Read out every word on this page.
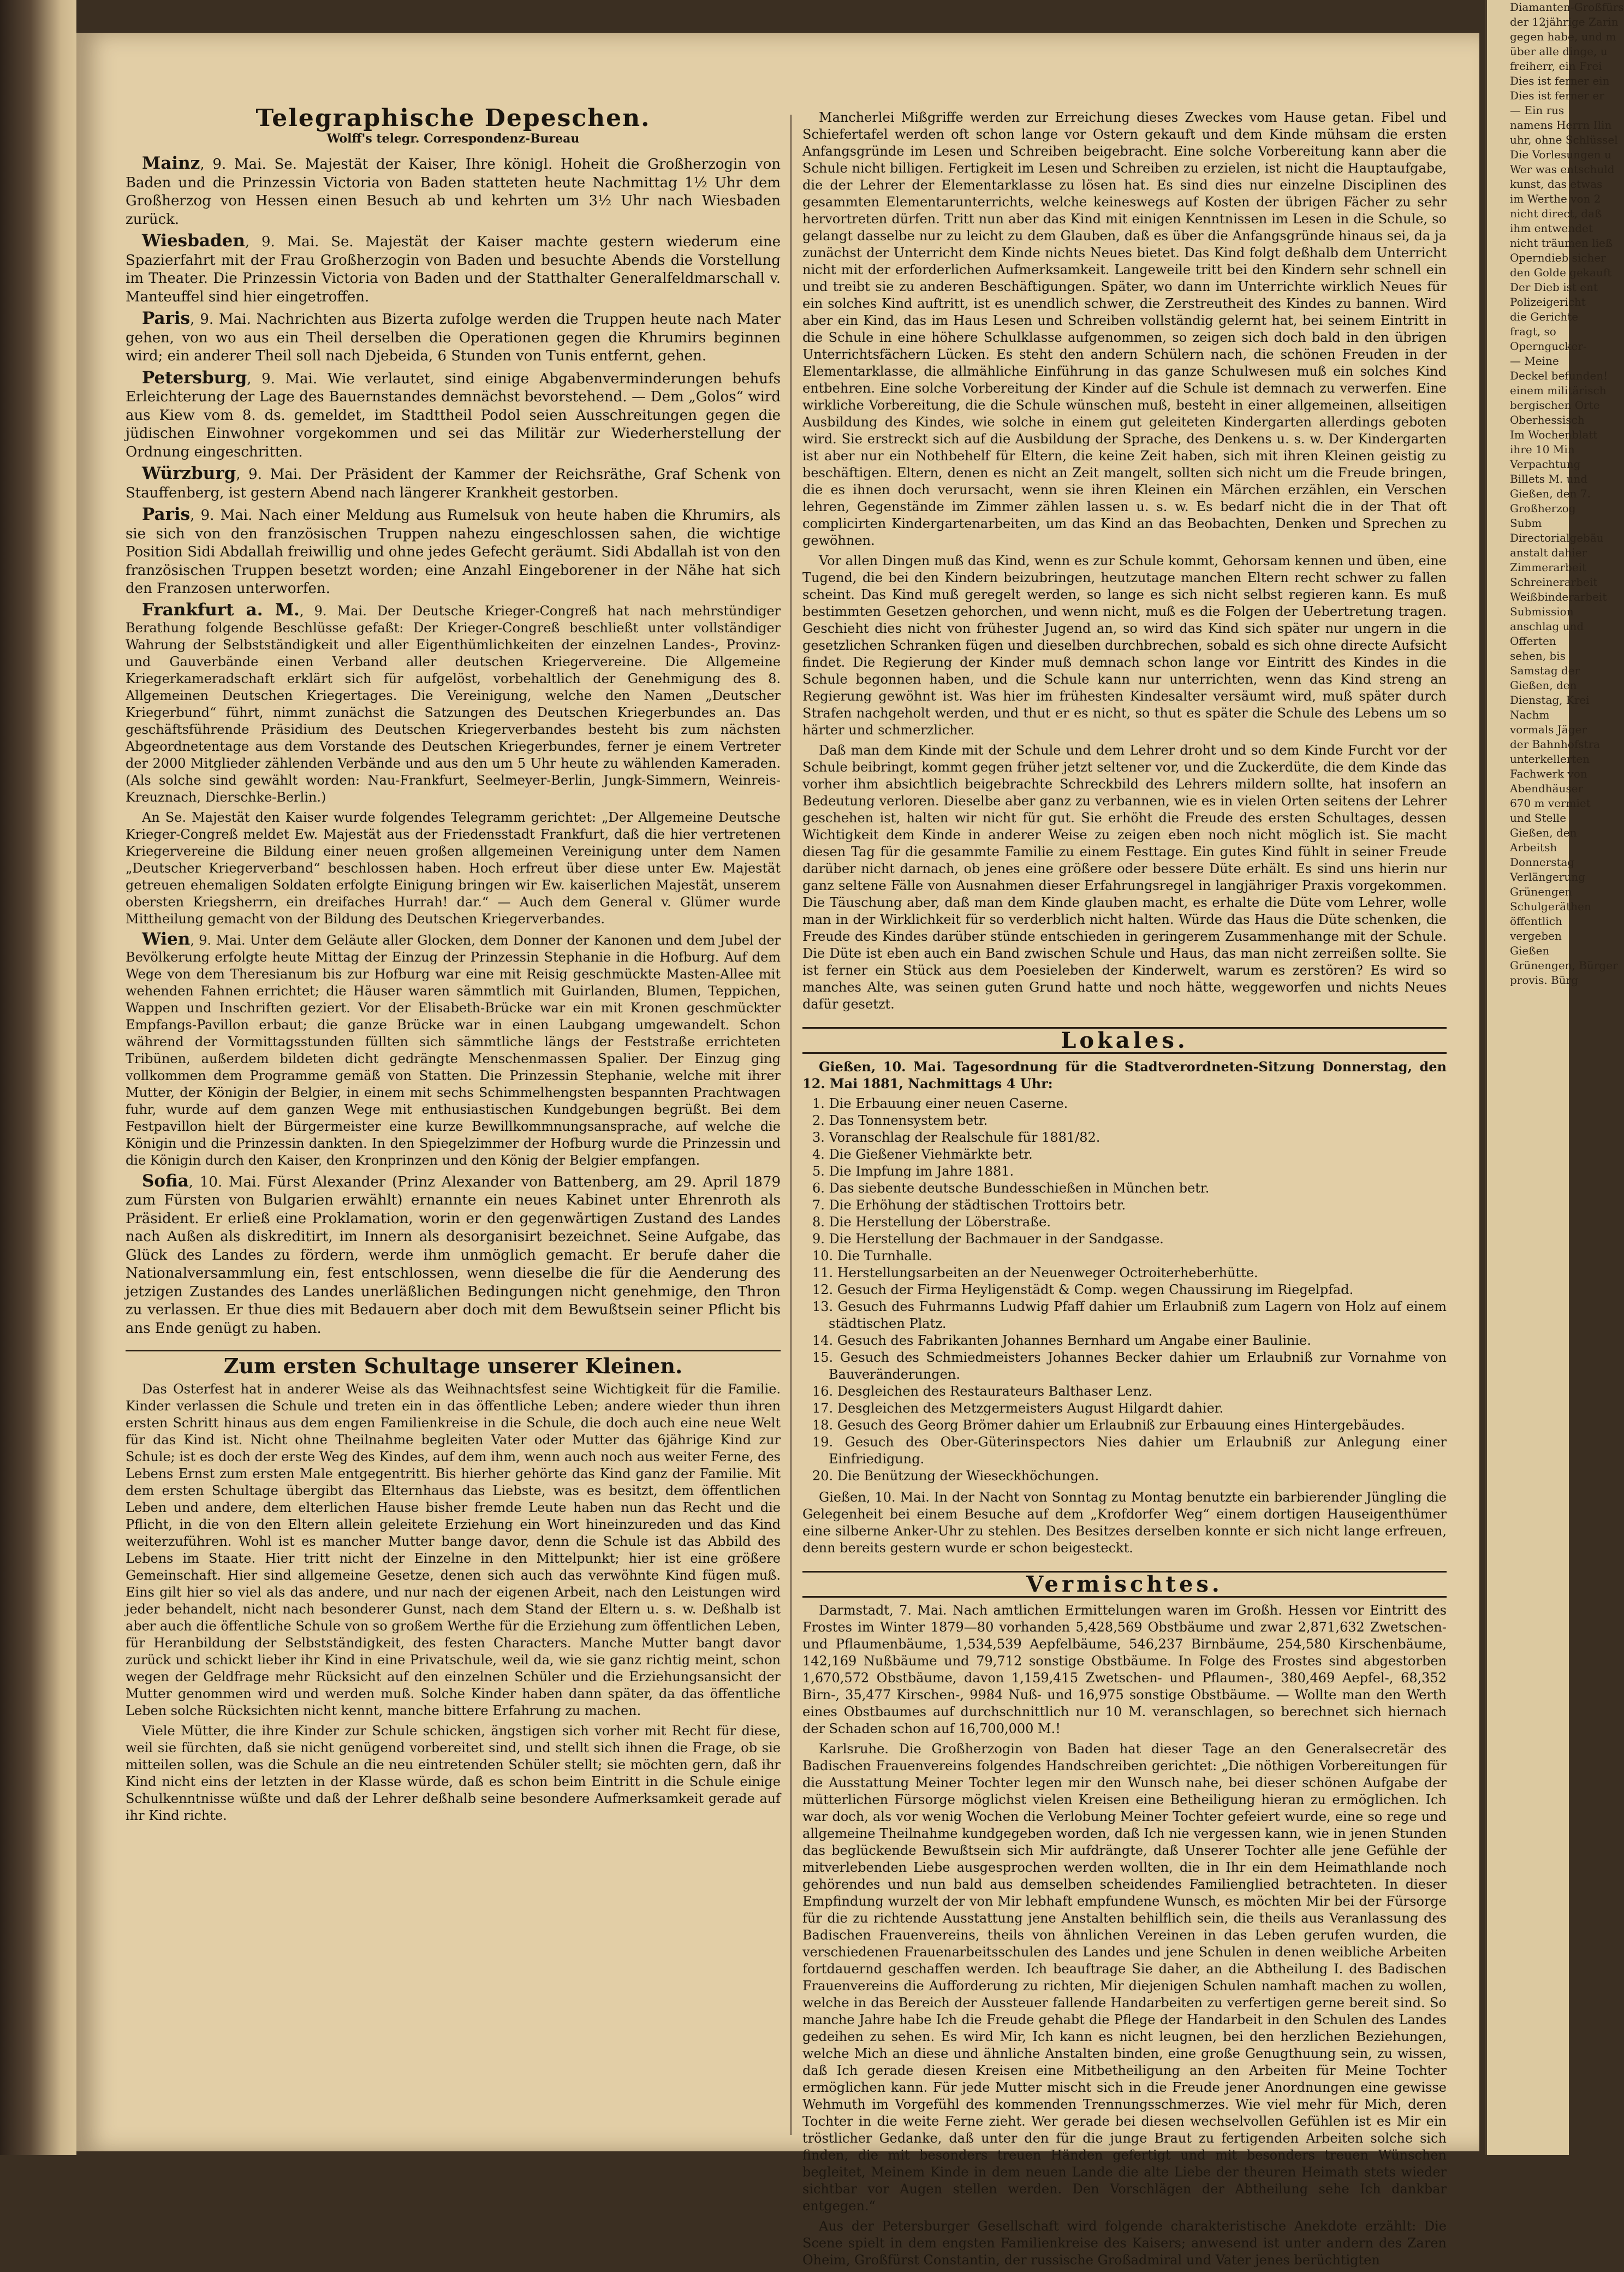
Telegraphische Depeschen.
Wolff's telegr. Correspondenz-Bureau

Mainz, 9. Mai. Se. Majestät der Kaiser, Ihre königl. Hoheit die Großherzogin von Baden und die Prinzessin Victoria von Baden statteten heute Nachmittag 1½ Uhr dem Großherzog von Hessen einen Besuch ab und kehrten um 3½ Uhr nach Wiesbaden zurück.

Wiesbaden, 9. Mai. Se. Majestät der Kaiser machte gestern wiederum eine Spazierfahrt mit der Frau Großherzogin von Baden und besuchte Abends die Vorstellung im Theater. Die Prinzessin Victoria von Baden und der Statthalter Generalfeldmarschall v. Manteuffel sind hier eingetroffen.

Paris, 9. Mai. Nachrichten aus Bizerta zufolge werden die Truppen heute nach Mater gehen, von wo aus ein Theil derselben die Operationen gegen die Khrumirs beginnen wird; ein anderer Theil soll nach Djebeida, 6 Stunden von Tunis entfernt, gehen.

Petersburg, 9. Mai. Wie verlautet, sind einige Abgabenverminderungen behufs Erleichterung der Lage des Bauernstandes demnächst bevorstehend. — Dem „Golos“ wird aus Kiew vom 8. ds. gemeldet, im Stadttheil Podol seien Ausschreitungen gegen die jüdischen Einwohner vorgekommen und sei das Militär zur Wiederherstellung der Ordnung eingeschritten.

Würzburg, 9. Mai. Der Präsident der Kammer der Reichsräthe, Graf Schenk von Stauffenberg, ist gestern Abend nach längerer Krankheit gestorben.

Paris, 9. Mai. Nach einer Meldung aus Rumelsuk von heute haben die Khrumirs, als sie sich von den französischen Truppen nahezu eingeschlossen sahen, die wichtige Position Sidi Abdallah freiwillig und ohne jedes Gefecht geräumt. Sidi Abdallah ist von den französischen Truppen besetzt worden; eine Anzahl Eingeborener in der Nähe hat sich den Franzosen unterworfen.

Frankfurt a. M., 9. Mai. Der Deutsche Krieger-Congreß hat nach mehrstündiger Berathung folgende Beschlüsse gefaßt: Der Krieger-Congreß beschließt unter vollständiger Wahrung der Selbstständigkeit und aller Eigenthümlichkeiten der einzelnen Landes-, Provinz- und Gauverbände einen Verband aller deutschen Kriegervereine. Die Allgemeine Kriegerkameradschaft erklärt sich für aufgelöst, vorbehaltlich der Genehmigung des 8. Allgemeinen Deutschen Kriegertages. Die Vereinigung, welche den Namen „Deutscher Kriegerbund“ führt, nimmt zunächst die Satzungen des Deutschen Kriegerbundes an. Das geschäftsführende Präsidium des Deutschen Kriegerverbandes besteht bis zum nächsten Abgeordnetentage aus dem Vorstande des Deutschen Kriegerbundes, ferner je einem Vertreter der 2000 Mitglieder zählenden Verbände und aus den um 5 Uhr heute zu wählenden Kameraden. (Als solche sind gewählt worden: Nau-Frankfurt, Seelmeyer-Berlin, Jungk-Simmern, Weinreis-Kreuznach, Dierschke-Berlin.)

An Se. Majestät den Kaiser wurde folgendes Telegramm gerichtet: „Der Allgemeine Deutsche Krieger-Congreß meldet Ew. Majestät aus der Friedensstadt Frankfurt, daß die hier vertretenen Kriegervereine die Bildung einer neuen großen allgemeinen Vereinigung unter dem Namen „Deutscher Kriegerverband“ beschlossen haben. Hoch erfreut über diese unter Ew. Majestät getreuen ehemaligen Soldaten erfolgte Einigung bringen wir Ew. kaiserlichen Majestät, unserem obersten Kriegsherrn, ein dreifaches Hurrah! dar.“ — Auch dem General v. Glümer wurde Mittheilung gemacht von der Bildung des Deutschen Kriegerverbandes.

Wien, 9. Mai. Unter dem Geläute aller Glocken, dem Donner der Kanonen und dem Jubel der Bevölkerung erfolgte heute Mittag der Einzug der Prinzessin Stephanie in die Hofburg. Auf dem Wege von dem Theresianum bis zur Hofburg war eine mit Reisig geschmückte Masten-Allee mit wehenden Fahnen errichtet; die Häuser waren sämmtlich mit Guirlanden, Blumen, Teppichen, Wappen und Inschriften geziert. Vor der Elisabeth-Brücke war ein mit Kronen geschmückter Empfangs-Pavillon erbaut; die ganze Brücke war in einen Laubgang umgewandelt. Schon während der Vormittagsstunden füllten sich sämmtliche längs der Feststraße errichteten Tribünen, außerdem bildeten dicht gedrängte Menschenmassen Spalier. Der Einzug ging vollkommen dem Programme gemäß von Statten. Die Prinzessin Stephanie, welche mit ihrer Mutter, der Königin der Belgier, in einem mit sechs Schimmelhengsten bespannten Prachtwagen fuhr, wurde auf dem ganzen Wege mit enthusiastischen Kundgebungen begrüßt. Bei dem Festpavillon hielt der Bürgermeister eine kurze Bewillkommnungsansprache, auf welche die Königin und die Prinzessin dankten. In den Spiegelzimmer der Hofburg wurde die Prinzessin und die Königin durch den Kaiser, den Kronprinzen und den König der Belgier empfangen.

Sofia, 10. Mai. Fürst Alexander (Prinz Alexander von Battenberg, am 29. April 1879 zum Fürsten von Bulgarien erwählt) ernannte ein neues Kabinet unter Ehrenroth als Präsident. Er erließ eine Proklamation, worin er den gegenwärtigen Zustand des Landes nach Außen als diskreditirt, im Innern als desorganisirt bezeichnet. Seine Aufgabe, das Glück des Landes zu fördern, werde ihm unmöglich gemacht. Er berufe daher die Nationalversammlung ein, fest entschlossen, wenn dieselbe die für die Aenderung des jetzigen Zustandes des Landes unerläßlichen Bedingungen nicht genehmige, den Thron zu verlassen. Er thue dies mit Bedauern aber doch mit dem Bewußtsein seiner Pflicht bis ans Ende genügt zu haben.

Zum ersten Schultage unserer Kleinen.

Das Osterfest hat in anderer Weise als das Weihnachtsfest seine Wichtigkeit für die Familie. Kinder verlassen die Schule und treten ein in das öffentliche Leben; andere wieder thun ihren ersten Schritt hinaus aus dem engen Familienkreise in die Schule, die doch auch eine neue Welt für das Kind ist. Nicht ohne Theilnahme begleiten Vater oder Mutter das 6jährige Kind zur Schule; ist es doch der erste Weg des Kindes, auf dem ihm, wenn auch noch aus weiter Ferne, des Lebens Ernst zum ersten Male entgegentritt. Bis hierher gehörte das Kind ganz der Familie. Mit dem ersten Schultage übergibt das Elternhaus das Liebste, was es besitzt, dem öffentlichen Leben und andere, dem elterlichen Hause bisher fremde Leute haben nun das Recht und die Pflicht, in die von den Eltern allein geleitete Erziehung ein Wort hineinzureden und das Kind weiterzuführen. Wohl ist es mancher Mutter bange davor, denn die Schule ist das Abbild des Lebens im Staate. Hier tritt nicht der Einzelne in den Mittelpunkt; hier ist eine größere Gemeinschaft. Hier sind allgemeine Gesetze, denen sich auch das verwöhnte Kind fügen muß. Eins gilt hier so viel als das andere, und nur nach der eigenen Arbeit, nach den Leistungen wird jeder behandelt, nicht nach besonderer Gunst, nach dem Stand der Eltern u. s. w. Deßhalb ist aber auch die öffentliche Schule von so großem Werthe für die Erziehung zum öffentlichen Leben, für Heranbildung der Selbstständigkeit, des festen Characters. Manche Mutter bangt davor zurück und schickt lieber ihr Kind in eine Privatschule, weil da, wie sie ganz richtig meint, schon wegen der Geldfrage mehr Rücksicht auf den einzelnen Schüler und die Erziehungsansicht der Mutter genommen wird und werden muß. Solche Kinder haben dann später, da das öffentliche Leben solche Rücksichten nicht kennt, manche bittere Erfahrung zu machen.

Viele Mütter, die ihre Kinder zur Schule schicken, ängstigen sich vorher mit Recht für diese, weil sie fürchten, daß sie nicht genügend vorbereitet sind, und stellt sich ihnen die Frage, ob sie mitteilen sollen, was die Schule an die neu eintretenden Schüler stellt; sie möchten gern, daß ihr Kind nicht eins der letzten in der Klasse würde, daß es schon beim Eintritt in die Schule einige Schulkenntnisse wüßte und daß der Lehrer deßhalb seine besondere Aufmerksamkeit gerade auf ihr Kind richte.

Mancherlei Mißgriffe werden zur Erreichung dieses Zweckes vom Hause getan. Fibel und Schiefertafel werden oft schon lange vor Ostern gekauft und dem Kinde mühsam die ersten Anfangsgründe im Lesen und Schreiben beigebracht. Eine solche Vorbereitung kann aber die Schule nicht billigen. Fertigkeit im Lesen und Schreiben zu erzielen, ist nicht die Hauptaufgabe, die der Lehrer der Elementarklasse zu lösen hat. Es sind dies nur einzelne Disciplinen des gesammten Elementarunterrichts, welche keineswegs auf Kosten der übrigen Fächer zu sehr hervortreten dürfen. Tritt nun aber das Kind mit einigen Kenntnissen im Lesen in die Schule, so gelangt dasselbe nur zu leicht zu dem Glauben, daß es über die Anfangsgründe hinaus sei, da ja zunächst der Unterricht dem Kinde nichts Neues bietet. Das Kind folgt deßhalb dem Unterricht nicht mit der erforderlichen Aufmerksamkeit. Langeweile tritt bei den Kindern sehr schnell ein und treibt sie zu anderen Beschäftigungen. Später, wo dann im Unterrichte wirklich Neues für ein solches Kind auftritt, ist es unendlich schwer, die Zerstreutheit des Kindes zu bannen. Wird aber ein Kind, das im Haus Lesen und Schreiben vollständig gelernt hat, bei seinem Eintritt in die Schule in eine höhere Schulklasse aufgenommen, so zeigen sich doch bald in den übrigen Unterrichtsfächern Lücken. Es steht den andern Schülern nach, die schönen Freuden in der Elementarklasse, die allmähliche Einführung in das ganze Schulwesen muß ein solches Kind entbehren. Eine solche Vorbereitung der Kinder auf die Schule ist demnach zu verwerfen. Eine wirkliche Vorbereitung, die die Schule wünschen muß, besteht in einer allgemeinen, allseitigen Ausbildung des Kindes, wie solche in einem gut geleiteten Kindergarten allerdings geboten wird. Sie erstreckt sich auf die Ausbildung der Sprache, des Denkens u. s. w. Der Kindergarten ist aber nur ein Nothbehelf für Eltern, die keine Zeit haben, sich mit ihren Kleinen geistig zu beschäftigen. Eltern, denen es nicht an Zeit mangelt, sollten sich nicht um die Freude bringen, die es ihnen doch verursacht, wenn sie ihren Kleinen ein Märchen erzählen, ein Verschen lehren, Gegenstände im Zimmer zählen lassen u. s. w. Es bedarf nicht die in der That oft complicirten Kindergartenarbeiten, um das Kind an das Beobachten, Denken und Sprechen zu gewöhnen.

Vor allen Dingen muß das Kind, wenn es zur Schule kommt, Gehorsam kennen und üben, eine Tugend, die bei den Kindern beizubringen, heutzutage manchen Eltern recht schwer zu fallen scheint. Das Kind muß geregelt werden, so lange es sich nicht selbst regieren kann. Es muß bestimmten Gesetzen gehorchen, und wenn nicht, muß es die Folgen der Uebertretung tragen. Geschieht dies nicht von frühester Jugend an, so wird das Kind sich später nur ungern in die gesetzlichen Schranken fügen und dieselben durchbrechen, sobald es sich ohne directe Aufsicht findet. Die Regierung der Kinder muß demnach schon lange vor Eintritt des Kindes in die Schule begonnen haben, und die Schule kann nur unterrichten, wenn das Kind streng an Regierung gewöhnt ist. Was hier im frühesten Kindesalter versäumt wird, muß später durch Strafen nachgeholt werden, und thut er es nicht, so thut es später die Schule des Lebens um so härter und schmerzlicher.

Daß man dem Kinde mit der Schule und dem Lehrer droht und so dem Kinde Furcht vor der Schule beibringt, kommt gegen früher jetzt seltener vor, und die Zuckerdüte, die dem Kinde das vorher ihm absichtlich beigebrachte Schreckbild des Lehrers mildern sollte, hat insofern an Bedeutung verloren. Dieselbe aber ganz zu verbannen, wie es in vielen Orten seitens der Lehrer geschehen ist, halten wir nicht für gut. Sie erhöht die Freude des ersten Schultages, dessen Wichtigkeit dem Kinde in anderer Weise zu zeigen eben noch nicht möglich ist. Sie macht diesen Tag für die gesammte Familie zu einem Festtage. Ein gutes Kind fühlt in seiner Freude darüber nicht darnach, ob jenes eine größere oder bessere Düte erhält. Es sind uns hierin nur ganz seltene Fälle von Ausnahmen dieser Erfahrungsregel in langjähriger Praxis vorgekommen. Die Täuschung aber, daß man dem Kinde glauben macht, es erhalte die Düte vom Lehrer, wolle man in der Wirklichkeit für so verderblich nicht halten. Würde das Haus die Düte schenken, die Freude des Kindes darüber stünde entschieden in geringerem Zusammenhange mit der Schule. Die Düte ist eben auch ein Band zwischen Schule und Haus, das man nicht zerreißen sollte. Sie ist ferner ein Stück aus dem Poesieleben der Kinderwelt, warum es zerstören? Es wird so manches Alte, was seinen guten Grund hatte und noch hätte, weggeworfen und nichts Neues dafür gesetzt.

Lokales.

Gießen, 10. Mai. Tagesordnung für die Stadtverordneten-Sitzung Donnerstag, den 12. Mai 1881, Nachmittags 4 Uhr:

1. Die Erbauung einer neuen Caserne.
2. Das Tonnensystem betr.
3. Voranschlag der Realschule für 1881/82.
4. Die Gießener Viehmärkte betr.
5. Die Impfung im Jahre 1881.
6. Das siebente deutsche Bundesschießen in München betr.
7. Die Erhöhung der städtischen Trottoirs betr.
8. Die Herstellung der Löberstraße.
9. Die Herstellung der Bachmauer in der Sandgasse.
10. Die Turnhalle.
11. Herstellungsarbeiten an der Neuenweger Octroiterheberhütte.
12. Gesuch der Firma Heyligenstädt & Comp. wegen Chaussirung im Riegelpfad.
13. Gesuch des Fuhrmanns Ludwig Pfaff dahier um Erlaubniß zum Lagern von Holz auf einem städtischen Platz.
14. Gesuch des Fabrikanten Johannes Bernhard um Angabe einer Baulinie.
15. Gesuch des Schmiedmeisters Johannes Becker dahier um Erlaubniß zur Vornahme von Bauveränderungen.
16. Desgleichen des Restaurateurs Balthaser Lenz.
17. Desgleichen des Metzgermeisters August Hilgardt dahier.
18. Gesuch des Georg Brömer dahier um Erlaubniß zur Erbauung eines Hintergebäudes.
19. Gesuch des Ober-Güterinspectors Nies dahier um Erlaubniß zur Anlegung einer Einfriedigung.
20. Die Benützung der Wieseckhöchungen.

Gießen, 10. Mai. In der Nacht von Sonntag zu Montag benutzte ein barbierender Jüngling die Gelegenheit bei einem Besuche auf dem „Krofdorfer Weg“ einem dortigen Hauseigenthümer eine silberne Anker-Uhr zu stehlen. Des Besitzes derselben konnte er sich nicht lange erfreuen, denn bereits gestern wurde er schon beigesteckt.

Vermischtes.

Darmstadt, 7. Mai. Nach amtlichen Ermittelungen waren im Großh. Hessen vor Eintritt des Frostes im Winter 1879—80 vorhanden 5,428,569 Obstbäume und zwar 2,871,632 Zwetschen- und Pflaumenbäume, 1,534,539 Aepfelbäume, 546,237 Birnbäume, 254,580 Kirschenbäume, 142,169 Nußbäume und 79,712 sonstige Obstbäume. In Folge des Frostes sind abgestorben 1,670,572 Obstbäume, davon 1,159,415 Zwetschen- und Pflaumen-, 380,469 Aepfel-, 68,352 Birn-, 35,477 Kirschen-, 9984 Nuß- und 16,975 sonstige Obstbäume. — Wollte man den Werth eines Obstbaumes auf durchschnittlich nur 10 M. veranschlagen, so berechnet sich hiernach der Schaden schon auf 16,700,000 M.!

Karlsruhe. Die Großherzogin von Baden hat dieser Tage an den Generalsecretär des Badischen Frauenvereins folgendes Handschreiben gerichtet: „Die nöthigen Vorbereitungen für die Ausstattung Meiner Tochter legen mir den Wunsch nahe, bei dieser schönen Aufgabe der mütterlichen Fürsorge möglichst vielen Kreisen eine Betheiligung hieran zu ermöglichen. Ich war doch, als vor wenig Wochen die Verlobung Meiner Tochter gefeiert wurde, eine so rege und allgemeine Theilnahme kundgegeben worden, daß Ich nie vergessen kann, wie in jenen Stunden das beglückende Bewußtsein sich Mir aufdrängte, daß Unserer Tochter alle jene Gefühle der mitverlebenden Liebe ausgesprochen werden wollten, die in Ihr ein dem Heimathlande noch gehörendes und nun bald aus demselben scheidendes Familienglied betrachteten. In dieser Empfindung wurzelt der von Mir lebhaft empfundene Wunsch, es möchten Mir bei der Fürsorge für die zu richtende Ausstattung jene Anstalten behilflich sein, die theils aus Veranlassung des Badischen Frauenvereins, theils von ähnlichen Vereinen in das Leben gerufen wurden, die verschiedenen Frauenarbeitsschulen des Landes und jene Schulen in denen weibliche Arbeiten fortdauernd geschaffen werden. Ich beauftrage Sie daher, an die Abtheilung I. des Badischen Frauenvereins die Aufforderung zu richten, Mir diejenigen Schulen namhaft machen zu wollen, welche in das Bereich der Aussteuer fallende Handarbeiten zu verfertigen gerne bereit sind. So manche Jahre habe Ich die Freude gehabt die Pflege der Handarbeit in den Schulen des Landes gedeihen zu sehen. Es wird Mir, Ich kann es nicht leugnen, bei den herzlichen Beziehungen, welche Mich an diese und ähnliche Anstalten binden, eine große Genugthuung sein, zu wissen, daß Ich gerade diesen Kreisen eine Mitbetheiligung an den Arbeiten für Meine Tochter ermöglichen kann. Für jede Mutter mischt sich in die Freude jener Anordnungen eine gewisse Wehmuth im Vorgefühl des kommenden Trennungsschmerzes. Wie viel mehr für Mich, deren Tochter in die weite Ferne zieht. Wer gerade bei diesen wechselvollen Gefühlen ist es Mir ein tröstlicher Gedanke, daß unter den für die junge Braut zu fertigenden Arbeiten solche sich finden, die mit besonders treuen Händen gefertigt und mit besonders treuen Wünschen begleitet, Meinem Kinde in dem neuen Lande die alte Liebe der theuren Heimath stets wieder sichtbar vor Augen stellen werden. Den Vorschlägen der Abtheilung sehe Ich dankbar entgegen.“

Aus der Petersburger Gesellschaft wird folgende charakteristische Anekdote erzählt: Die Scene spielt in dem engsten Familienkreise des Kaisers; anwesend ist unter andern des Zaren Oheim, Großfürst Constantin, der russische Großadmiral und Vater jenes berüchtigten

Diamanten-Großfürs

der 12jährige Zarin

gegen habe, und m

über alle dinge, u

freiherr, ein Frei

Dies ist ferner ein

Dies ist ferner er

— Ein rus

namens Herrn Ilin

uhr, ohne Schlüssel

Die Vorlesungen u

Wer was entschuld

kunst, das etwas

im Werthe von 2

nicht direct, daß

ihm entwendet

nicht träumen ließ

Operndieb sicher

den Golde gekauft

Der Dieb ist ent

Polizeigericht

die Gerichte

fragt, so

Operngucker-

— Meine

Deckel befunden!

einem militärisch

bergischen Orte

Oberhessisch

Im Wochenblatt

ihre 10 Min

Verpachtung

Billets M. und

Gießen, den 7.

Großherzog

Subm

Directorialgebäu

anstalt dahier

Zimmerarbeit

Schreinerarbeit

Weißbinderarbeit

Submission

anschlag und

Offerten

sehen, bis

Samstag der

Gießen, den

Dienstag, Krei

Nachm

vormals Jäger

der Bahnhofstra

unterkellerten

Fachwerk von

Abendhäuser

670 m vermiet

und Stelle

Gießen, den

Arbeitsh

Donnerstag

Verlängerung

Grünengen

Schulgeräthen

öffentlich

vergeben

Gießen

Grünengen, Bürger

provis. Bürg
